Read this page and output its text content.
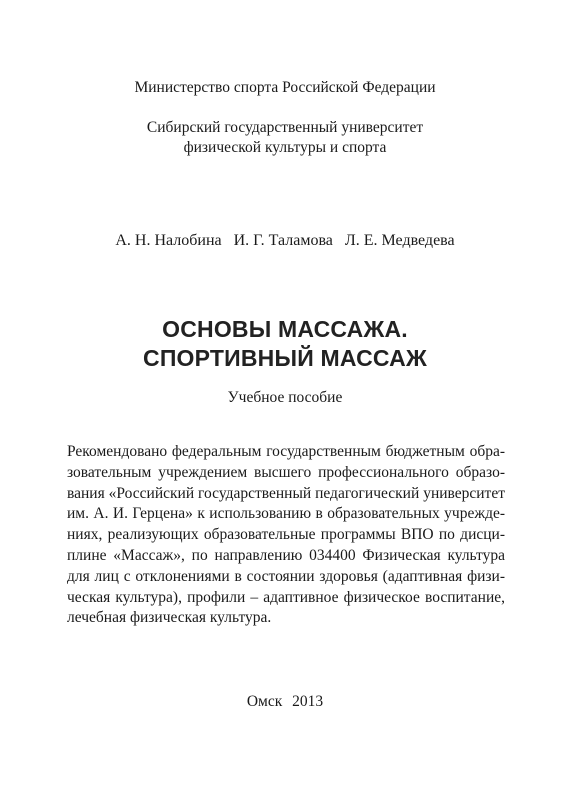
Министерство спорта Российской Федерации
Сибирский государственный университет
физической культуры и спорта
А. Н. Налобина И. Г. Таламова Л. Е. Медведева
ОСНОВЫ МАССАЖА.
СПОРТИВНЫЙ МАССАЖ
Учебное пособие
Рекомендовано федеральным государственным бюджетным обра-
зовательным учреждением высшего профессионального образо-
вания «Российский государственный педагогический университет
им. А. И. Герцена» к использованию в образовательных учрежде-
ниях, реализующих образовательные программы ВПО по дисци-
плине «Массаж», по направлению 034400 Физическая культура
для лиц с отклонениями в состоянии здоровья (адаптивная физи-
ческая культура), профили – адаптивное физическое воспитание,
лечебная физическая культура.
Омск 2013
